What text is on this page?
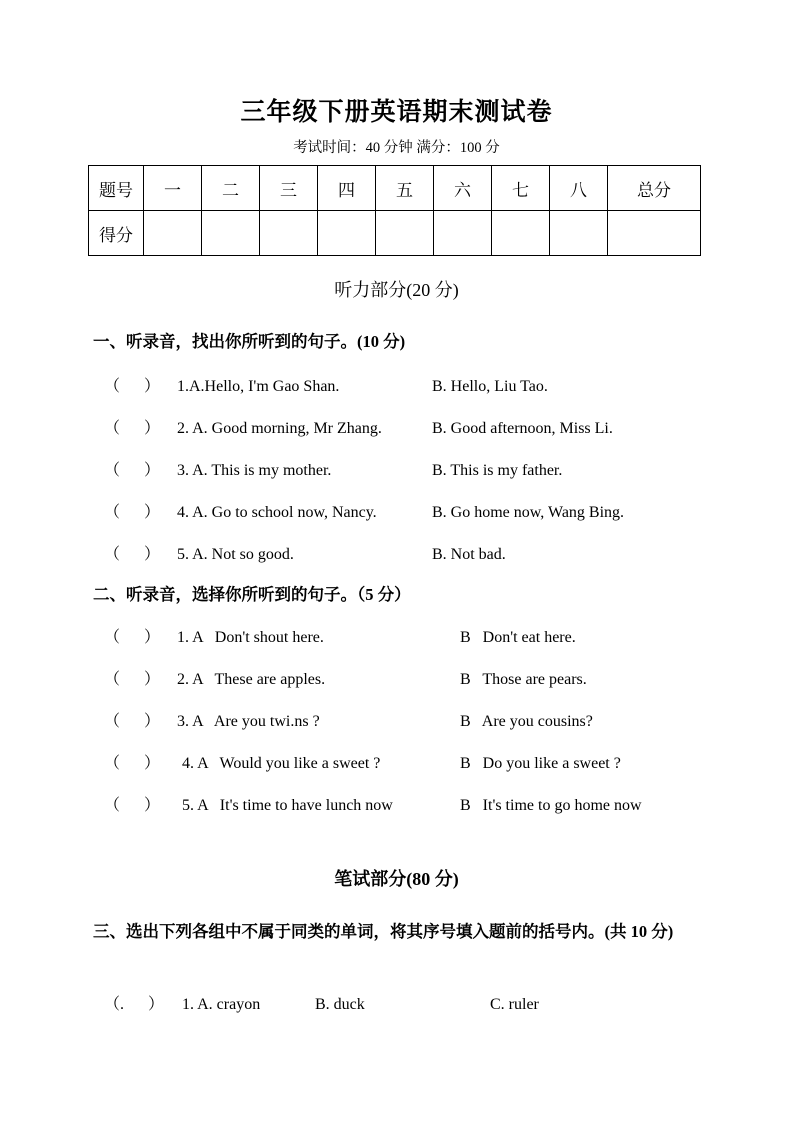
三年级下册英语期末测试卷
考试时间：40 分钟 满分：100 分
题号	一	二	三	四	五	六	七	八	总分
得分									
听力部分(20 分)
一、听录音，找出你所听到的句子。(10 分)

（      ）

1.A.Hello, I'm Gao Shan.

	B. Hello, Liu Tao.

（      ）

2. A. Good morning, Mr Zhang.

	B. Good afternoon, Miss Li.

（      ）

3. A. This is my mother.

	B. This is my father.

（      ）

4. A. Go to school now, Nancy.

	B. Go home now, Wang Bing.

（      ）

5. A. Not so good.

	B. Not bad.

二、听录音，选择你所听到的句子。（5 分）

（      ）

1. A   Don't shout here.

	B   Don't eat here.

（      ）

2. A   These are apples.

	B   Those are pears.

（      ）

3. A   Are you twi.ns ?

	B   Are you cousins?

（      ）

4. A   Would you like a sweet ?

	B   Do you like a sweet ?

（      ）

5. A   It's time to have lunch now

	B   It's time to go home now

笔试部分(80 分)
三、选出下列各组中不属于同类的单词，将其序号填入题前的括号内。(共 10 分)

（.      ）

1. A. crayon

	B. duck

	C. ruler
